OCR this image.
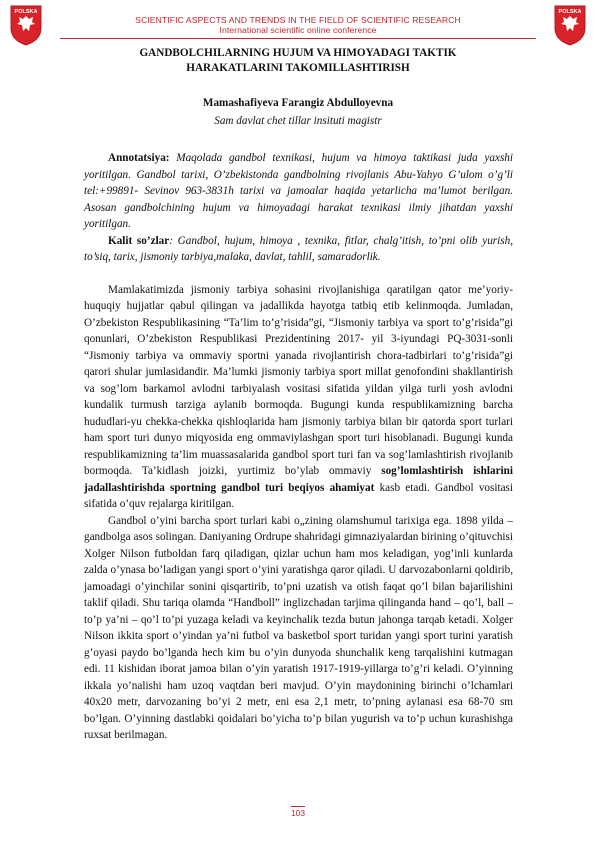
POLSKA	POLSKA
SCIENTIFIC ASPECTS AND TRENDS IN THE FIELD OF SCIENTIFIC RESEARCH
International scientific online conference
GANDBOLCHILARNING HUJUM VA HIMOYADAGI TAKTIK
HARAKATLARINI TAKOMILLASHTIRISH
Mamashafiyeva Farangiz Abdulloyevna
Sam davlat chet tillar insituti magistr

Annotatsiya: Maqolada gandbol texnikasi, hujum va himoya taktikasi juda yaxshi yoritilgan. Gandbol tarixi, O’zbekistonda gandbolning rivojlanis Abu-Yahyo G’ulom o’g’li tel:+99891- Sevinov 963-3831h tarixi va jamoalar haqida yetarlicha ma’lumot berilgan. Asosan gandbolchining hujum va himoyadagi harakat texnikasi ilmiy jihatdan yaxshi yoritilgan.

Kalit so’zlar: Gandbol, hujum, himoya , texnika, fitlar, chalg’itish, to’pni olib yurish, to’siq, tarix, jismoniy tarbiya,malaka, davlat, tahlil, samaradorlik.

Mamlakatimizda jismoniy tarbiya sohasini rivojlanishiga qaratilgan qator me’yoriy-huquqiy hujjatlar qabul qilingan va jadallikda hayotga tatbiq etib kelinmoqda. Jumladan, O’zbekiston Respublikasining “Ta’lim to’g’risida”gi, “Jismoniy tarbiya va sport to’g’risida”gi qonunlari, O’zbekiston Respublikasi Prezidentining 2017- yil 3-iyundagi PQ-3031-sonli “Jismoniy tarbiya va ommaviy sportni yanada rivojlantirish chora-tadbirlari to’g’risida”gi qarori shular jumlasidandir. Ma’lumki jismoniy tarbiya sport millat genofondini shakllantirish va sog’lom barkamol avlodni tarbiyalash vositasi sifatida yildan yilga turli yosh avlodni kundalik turmush tarziga aylanib bormoqda. Bugungi kunda respublikamizning barcha hududlari-yu chekka-chekka qishloqlarida ham jismoniy tarbiya bilan bir qatorda sport turlari ham sport turi dunyo miqyosida eng ommaviylashgan sport turi hisoblanadi. Bugungi kunda respublikamizning ta’lim muassasalarida gandbol sport turi fan va sog’lamlashtirish rivojlanib bormoqda. Ta’kidlash joizki, yurtimiz bo’ylab ommaviy sog’lomlashtirish ishlarini jadallashtirishda sportning gandbol turi beqiyos ahamiyat kasb etadi. Gandbol vositasi sifatida o’quv rejalarga kiritilgan.

Gandbol o’yini barcha sport turlari kabi o„zining olamshumul tarixiga ega. 1898 yilda – gandbolga asos solingan. Daniyaning Ordrupe shahridagi gimnaziyalardan birining o’qituvchisi Xolger Nilson futboldan farq qiladigan, qizlar uchun ham mos keladigan, yog’inli kunlarda zalda o’ynasa bo’ladigan yangi sport o’yini yaratishga qaror qiladi. U darvozabonlarni qoldirib, jamoadagi o’yinchilar sonini qisqartirib, to’pni uzatish va otish faqat qo’l bilan bajarilishini taklif qiladi. Shu tariqa olamda “Handboll” inglizchadan tarjima qilinganda hand – qo’l, ball – to’p ya’ni – qo’l to’pi yuzaga keladi va keyinchalik tezda butun jahonga tarqab ketadi. Xolger Nilson ikkita sport o’yindan ya’ni futbol va basketbol sport turidan yangi sport turini yaratish g’oyasi paydo bo’lganda hech kim bu o’yin dunyoda shunchalik keng tarqalishini kutmagan edi. 11 kishidan iborat jamoa bilan o’yin yaratish 1917-1919-yillarga to’g’ri keladi. O’yinning ikkala yo’nalishi ham uzoq vaqtdan beri mavjud. O’yin maydonining birinchi o’lchamlari 40x20 metr, darvozaning bo’yi 2 metr, eni esa 2,1 metr, to’pning aylanasi esa 68-70 sm bo’lgan. O’yinning dastlabki qoidalari bo’yicha to’p bilan yugurish va to’p uchun kurashishga ruxsat berilmagan.

103
